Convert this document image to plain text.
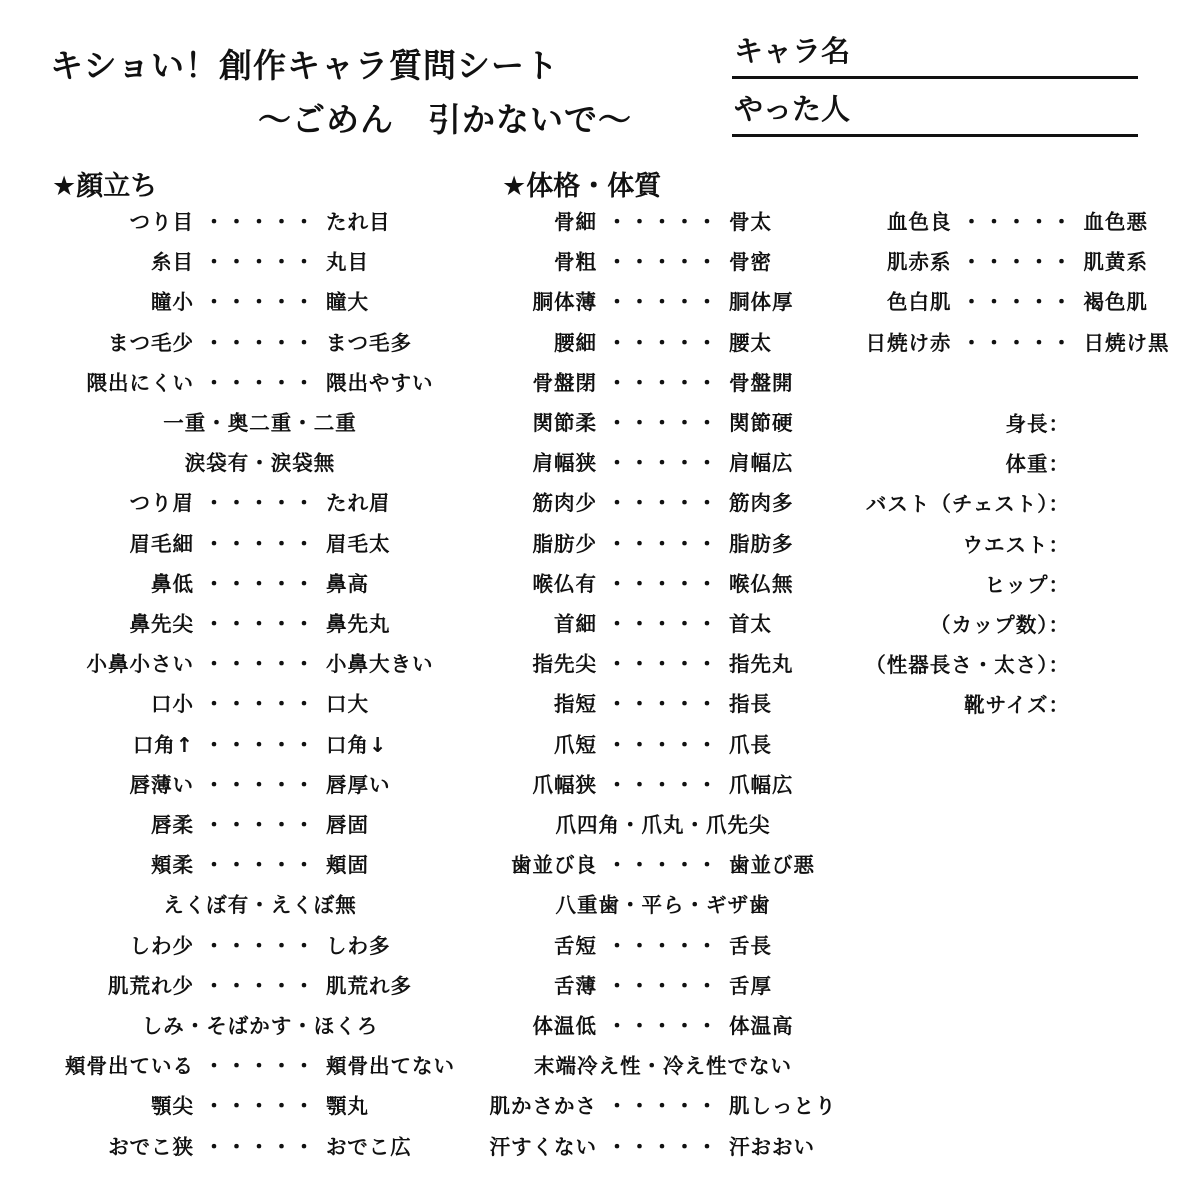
キショい！創作キャラ質問シート
～ごめん　引かないで～
キャラ名
やった人
★顔立ち	★体格・体質
つり目 ・・・・・ たれ目
糸目 ・・・・・ 丸目
瞳小 ・・・・・ 瞳大
まつ毛少 ・・・・・ まつ毛多
隈出にくい ・・・・・ 隈出やすい
一重・奥二重・二重
涙袋有・涙袋無
つり眉 ・・・・・ たれ眉
眉毛細 ・・・・・ 眉毛太
鼻低 ・・・・・ 鼻高
鼻先尖 ・・・・・ 鼻先丸
小鼻小さい ・・・・・ 小鼻大きい
口小 ・・・・・ 口大
口角↑ ・・・・・ 口角↓
唇薄い ・・・・・ 唇厚い
唇柔 ・・・・・ 唇固
頬柔 ・・・・・ 頬固
えくぼ有・えくぼ無
しわ少 ・・・・・ しわ多
肌荒れ少 ・・・・・ 肌荒れ多
しみ・そばかす・ほくろ
頬骨出ている ・・・・・ 頬骨出てない
顎尖 ・・・・・ 顎丸
おでこ狭 ・・・・・ おでこ広
骨細 ・・・・・ 骨太
骨粗 ・・・・・ 骨密
胴体薄 ・・・・・ 胴体厚
腰細 ・・・・・ 腰太
骨盤閉 ・・・・・ 骨盤開
関節柔 ・・・・・ 関節硬
肩幅狭 ・・・・・ 肩幅広
筋肉少 ・・・・・ 筋肉多
脂肪少 ・・・・・ 脂肪多
喉仏有 ・・・・・ 喉仏無
首細 ・・・・・ 首太
指先尖 ・・・・・ 指先丸
指短 ・・・・・ 指長
爪短 ・・・・・ 爪長
爪幅狭 ・・・・・ 爪幅広
爪四角・爪丸・爪先尖
歯並び良 ・・・・・ 歯並び悪
八重歯・平ら・ギザ歯
舌短 ・・・・・ 舌長
舌薄 ・・・・・ 舌厚
体温低 ・・・・・ 体温高
末端冷え性・冷え性でない
肌かさかさ ・・・・・ 肌しっとり
汗すくない ・・・・・ 汗おおい
血色良 ・・・・・ 血色悪
肌赤系 ・・・・・ 肌黄系
色白肌 ・・・・・ 褐色肌
日焼け赤 ・・・・・ 日焼け黒
身長：
体重：
バスト（チェスト）：
ウエスト：
ヒップ：
（カップ数）：
（性器長さ・太さ）：
靴サイズ：
